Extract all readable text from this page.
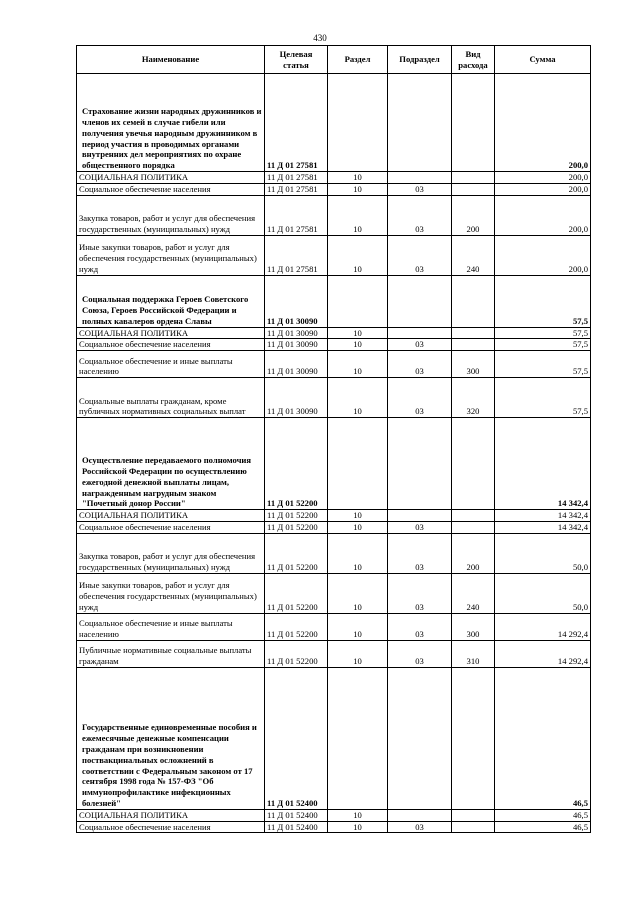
430
Наименование	Целевая статья	Раздел	Подраздел	Вид расхода	Сумма
Страхование жизни народных дружинников и членов их семей в случае гибели или получения увечья народным дружинником в период участия в проводимых органами внутренних дел мероприятиях по охране общественного порядка	11 Д 01 27581				200,0
СОЦИАЛЬНАЯ ПОЛИТИКА	11 Д 01 27581	10			200,0
Социальное обеспечение населения	11 Д 01 27581	10	03		200,0
Закупка товаров, работ и услуг для обеспечения государственных (муниципальных) нужд	11 Д 01 27581	10	03	200	200,0
Иные закупки товаров, работ и услуг для обеспечения государственных (муниципальных) нужд	11 Д 01 27581	10	03	240	200,0
Социальная поддержка Героев Советского Союза, Героев Российской Федерации и полных кавалеров ордена Славы	11 Д 01 30090				57,5
СОЦИАЛЬНАЯ ПОЛИТИКА	11 Д 01 30090	10			57,5
Социальное обеспечение населения	11 Д 01 30090	10	03		57,5
Социальное обеспечение и иные выплаты населению	11 Д 01 30090	10	03	300	57,5
Социальные выплаты гражданам, кроме публичных нормативных социальных выплат	11 Д 01 30090	10	03	320	57,5
Осуществление передаваемого полномочия Российской Федерации по осуществлению ежегодной денежной выплаты лицам, награжденным нагрудным знаком "Почетный донор России"	11 Д 01 52200				14 342,4
СОЦИАЛЬНАЯ ПОЛИТИКА	11 Д 01 52200	10			14 342,4
Социальное обеспечение населения	11 Д 01 52200	10	03		14 342,4
Закупка товаров, работ и услуг для обеспечения государственных (муниципальных) нужд	11 Д 01 52200	10	03	200	50,0
Иные закупки товаров, работ и услуг для обеспечения государственных (муниципальных) нужд	11 Д 01 52200	10	03	240	50,0
Социальное обеспечение и иные выплаты населению	11 Д 01 52200	10	03	300	14 292,4
Публичные нормативные социальные выплаты гражданам	11 Д 01 52200	10	03	310	14 292,4
Государственные единовременные пособия и ежемесячные денежные компенсации гражданам при возникновении поствакцинальных осложнений в соответствии с Федеральным законом от 17 сентября 1998 года № 157-ФЗ "Об иммунопрофилактике инфекционных болезней"	11 Д 01 52400				46,5
СОЦИАЛЬНАЯ ПОЛИТИКА	11 Д 01 52400	10			46,5
Социальное обеспечение населения	11 Д 01 52400	10	03		46,5
